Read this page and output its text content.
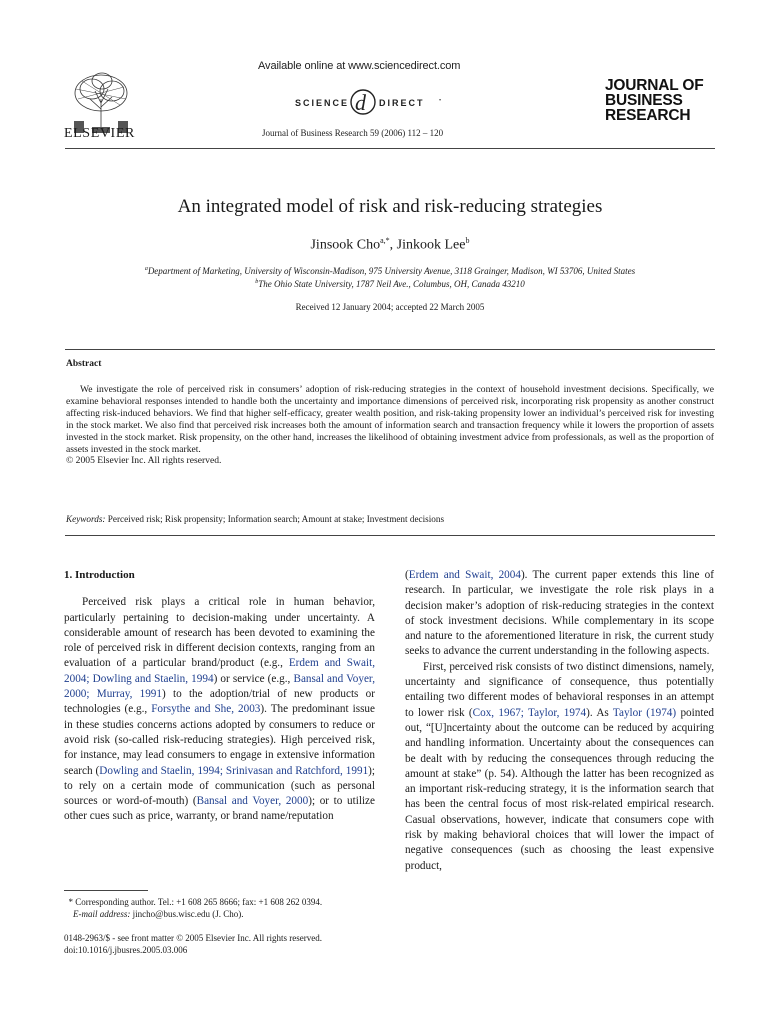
ELSEVIER
Available online at www.sciencedirect.com
SCIENCE d DIRECT •
Journal of Business Research 59 (2006) 112 – 120
JOURNAL OF
BUSINESS
RESEARCH
An integrated model of risk and risk-reducing strategies
Jinsook Cho$^{a,*}$, Jinkook Lee$^b$
$^a$Department of Marketing, University of Wisconsin-Madison, 975 University Avenue, 3118 Grainger, Madison, WI 53706, United States
$^b$The Ohio State University, 1787 Neil Ave., Columbus, OH, Canada 43210
Received 12 January 2004; accepted 22 March 2005
Abstract

We investigate the role of perceived risk in consumers’ adoption of risk-reducing strategies in the context of household investment decisions. Specifically, we examine behavioral responses intended to handle both the uncertainty and importance dimensions of perceived risk, incorporating risk propensity as another construct affecting risk-induced behaviors. We find that higher self-efficacy, greater wealth position, and risk-taking propensity lower an individual’s perceived risk for investing in the stock market. We also find that perceived risk increases both the amount of information search and transaction frequency while it lowers the proportion of assets invested in the stock market. Risk propensity, on the other hand, increases the likelihood of obtaining investment advice from professionals, as well as the proportion of assets invested in the stock market.

© 2005 Elsevier Inc. All rights reserved.

Keywords: Perceived risk; Risk propensity; Information search; Amount at stake; Investment decisions

1. Introduction

Perceived risk plays a critical role in human behavior, particularly pertaining to decision-making under uncertainty. A considerable amount of research has been devoted to examining the role of perceived risk in different decision contexts, ranging from an evaluation of a particular brand/product (e.g., Erdem and Swait, 2004; Dowling and Staelin, 1994) or service (e.g., Bansal and Voyer, 2000; Murray, 1991) to the adoption/trial of new products or technologies (e.g., Forsythe and She, 2003). The predominant issue in these studies concerns actions adopted by consumers to reduce or avoid risk (so-called risk-reducing strategies). High perceived risk, for instance, may lead consumers to engage in extensive information search (Dowling and Staelin, 1994; Srinivasan and Ratchford, 1991); to rely on a certain mode of communication (such as personal sources or word-of-mouth) (Bansal and Voyer, 2000); or to utilize other cues such as price, warranty, or brand name/reputation

* Corresponding author. Tel.: +1 608 265 8666; fax: +1 608 262 0394.
E-mail address: jincho@bus.wisc.edu (J. Cho).
0148-2963/$ - see front matter © 2005 Elsevier Inc. All rights reserved.
doi:10.1016/j.jbusres.2005.03.006

(Erdem and Swait, 2004). The current paper extends this line of research. In particular, we investigate the role risk plays in a decision maker’s adoption of risk-reducing strategies in the context of stock investment decisions. While complementary in its scope and nature to the aforementioned literature in risk, the current study seeks to advance the current understanding in the following aspects.

First, perceived risk consists of two distinct dimensions, namely, uncertainty and significance of consequence, thus potentially entailing two different modes of behavioral responses in an attempt to lower risk (Cox, 1967; Taylor, 1974). As Taylor (1974) pointed out, “[U]ncertainty about the outcome can be reduced by acquiring and handling information. Uncertainty about the consequences can be dealt with by reducing the consequences through reducing the amount at stake” (p. 54). Although the latter has been recognized as an important risk-reducing strategy, it is the information search that has been the central focus of most risk-related empirical research. Casual observations, however, indicate that consumers cope with risk by making behavioral choices that will lower the impact of negative consequences (such as choosing the least expensive product,
